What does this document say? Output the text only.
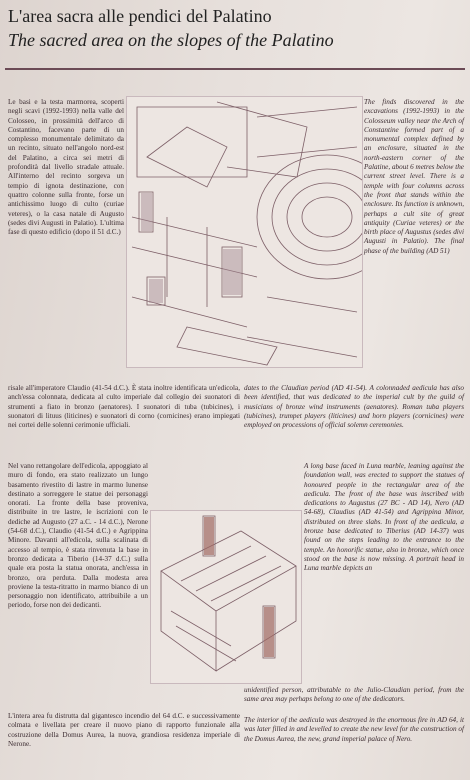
L'area sacra alle pendici del Palatino
The sacred area on the slopes of the Palatino

Le basi e la testa marmorea, scoperti negli scavi (1992-1993) nella valle del Colosseo, in prossimità dell'arco di Costantino, facevano parte di un complesso monumentale delimitato da un recinto, situato nell'angolo nord-est del Palatino, a circa sei metri di profondità dal livello stradale attuale. All'interno del recinto sorgeva un tempio di ignota destinazione, con quattro colonne sulla fronte, forse un antichissimo luogo di culto (curiae veteres), o la casa natale di Augusto (sedes divi Augusti in Palatio). L'ultima fase di questo edificio (dopo il 51 d.C.)

risale all'imperatore Claudio (41-54 d.C.). È stata inoltre identificata un'edicola, anch'essa colonnata, dedicata al culto imperiale dal collegio dei suonatori di strumenti a fiato in bronzo (aenatores). I suonatori di tuba (tubicines), i suonatori di lituus (liticines) e suonatori di corno (cornicines) erano impiegati nei cortei delle solenni cerimonie ufficiali.

Nel vano rettangolare dell'edicola, appoggiato al muro di fondo, era stato realizzato un lungo basamento rivestito di lastre in marmo lunense destinato a sorreggere le statue dei personaggi onorati. La fronte della base proveniva, distribuite in tre lastre, le iscrizioni con le dediche ad Augusto (27 a.C. - 14 d.C.), Nerone (54-68 d.C.), Claudio (41-54 d.C.) e Agrippina Minore. Davanti all'edicola, sulla scalinata di accesso al tempio, è stata rinvenuta la base in bronzo dedicata a Tiberio (14-37 d.C.) sulla quale era posta la statua onorata, anch'essa in bronzo, ora perduta. Dalla modesta area proviene la testa-ritratto in marmo bianco di un personaggio non identificato, attribuibile a un periodo, forse non dei dedicanti.

L'intera area fu distrutta dal gigantesco incendio del 64 d.C. e successivamente colmata e livellata per creare il nuovo piano di rapporto funzionale alla costruzione della Domus Aurea, la nuova, grandiosa residenza imperiale di Nerone.

The finds discovered in the excavations (1992-1993) in the Colosseum valley near the Arch of Constantine formed part of a monumental complex defined by an enclosure, situated in the north-eastern corner of the Palatine, about 6 metres below the current street level. There is a temple with four columns across the front that stands within the enclosure. Its function is unknown, perhaps a cult site of great antiquity (Curiae veteres) or the birth place of Augustus (sedes divi Augusti in Palatio). The final phase of the building (AD 51)

dates to the Claudian period (AD 41-54). A colonnaded aedicula has also been identified, that was dedicated to the imperial cult by the guild of musicians of bronze wind instruments (aenatores). Roman tuba players (tubicines), trumpet players (liticines) and horn players (cornicines) were employed on processions of official solemn ceremonies.

A long base faced in Luna marble, leaning against the foundation wall, was erected to support the statues of honoured people in the rectangular area of the aedicula. The front of the base was inscribed with dedications to Augustus (27 BC - AD 14), Nero (AD 54-68), Claudius (AD 41-54) and Agrippina Minor, distributed on three slabs. In front of the aedicula, a bronze base dedicated to Tiberius (AD 14-37) was found on the steps leading to the entrance to the temple. An honorific statue, also in bronze, which once stood on the base is now missing. A portrait head in Luna marble depicts an

unidentified person, attributable to the Julio-Claudian period, from the same area may perhaps belong to one of the dedicators.

The interior of the aedicula was destroyed in the enormous fire in AD 64, it was later filled in and levelled to create the new level for the construction of the Domus Aurea, the new, grand imperial palace of Nero.
